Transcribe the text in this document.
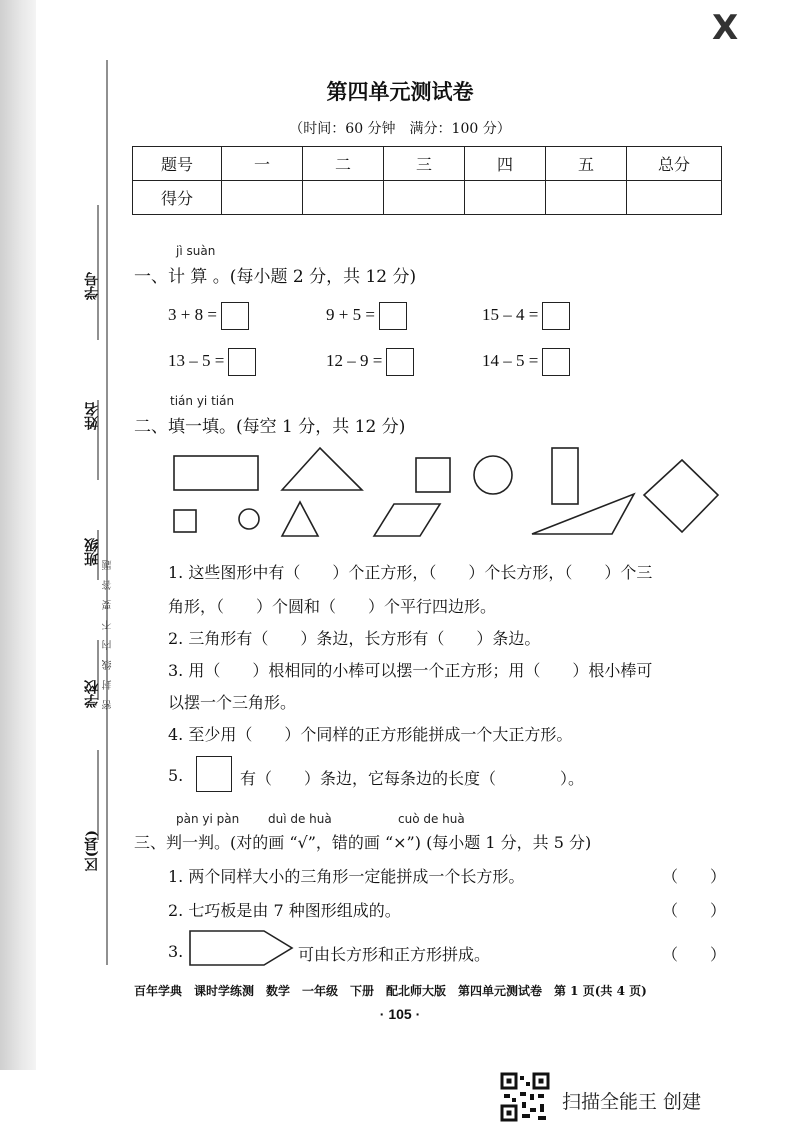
X
学号
姓名
班级
学校
区(县)
密　封　线　内　不　要　答　题
第四单元测试卷
（时间：60 分钟　满分：100 分）
题号	一	二	三	四	五	总分
得分						
jì suàn
一、计 算 。(每小题 2 分，共 12 分)
3 + 8 =	9 + 5 =	15 – 4 =
13 – 5 =	12 – 9 =	14 – 5 =
tián yi tián
二、填一填。(每空 1 分，共 12 分)
1. 这些图形中有（　　）个正方形，（　　）个长方形，（　　）个三
角形，（　　）个圆和（　　）个平行四边形。
2. 三角形有（　　）条边，长方形有（　　）条边。
3. 用（　　）根相同的小棒可以摆一个正方形；用（　　）根小棒可
以摆一个三角形。
4. 至少用（　　）个同样的正方形能拼成一个大正方形。
5.	有（　　）条边，它每条边的长度（　　　　）。
pàn yi pàn duì de huà	cuò de huà
三、判一判。(对的画 “√”，错的画 “×”) (每小题 1 分，共 5 分)
1. 两个同样大小的三角形一定能拼成一个长方形。	（　　）
2. 七巧板是由 7 种图形组成的。	（　　）
3.	可由长方形和正方形拼成。	（　　）
百年学典　课时学练测　数学　一年级　下册　配北师大版　第四单元测试卷　第 1 页(共 4 页)
· 105 ·
扫描全能王 创建
